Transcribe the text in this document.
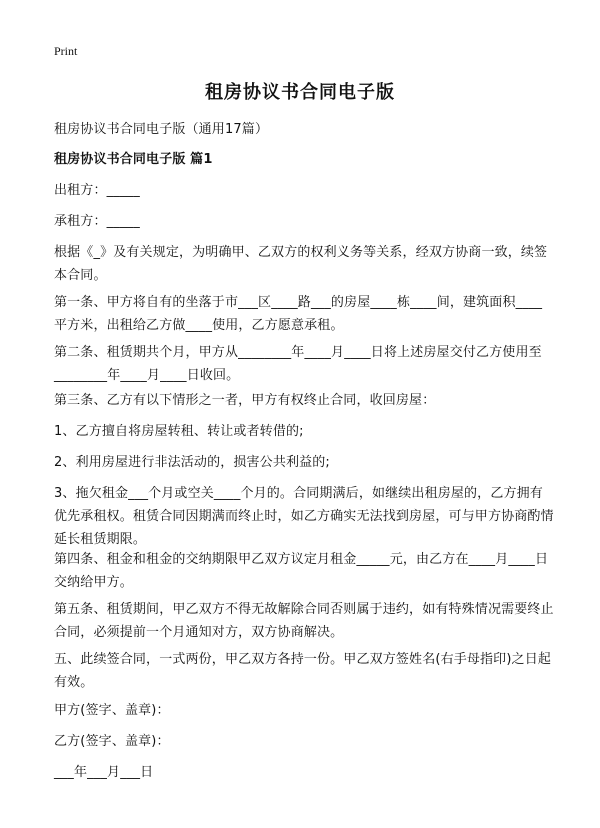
Print
租房协议书合同电子版

租房协议书合同电子版（通用17篇）

租房协议书合同电子版 篇1

出租方：_____

承租方：_____

根据《_》及有关规定，为明确甲、乙双方的权利义务等关系，经双方协商一致，续签本合同。

第一条、甲方将自有的坐落于市___区____路___的房屋____栋____间，建筑面积____平方米，出租给乙方做____使用，乙方愿意承租。

第二条、租赁期共个月，甲方从________年____月____日将上述房屋交付乙方使用至________年____月____日收回。

第三条、乙方有以下情形之一者，甲方有权终止合同，收回房屋：

1、乙方擅自将房屋转租、转让或者转借的;

2、利用房屋进行非法活动的，损害公共利益的;

3、拖欠租金___个月或空关____个月的。合同期满后，如继续出租房屋的，乙方拥有优先承租权。租赁合同因期满而终止时，如乙方确实无法找到房屋，可与甲方协商酌情延长租赁期限。

第四条、租金和租金的交纳期限甲乙双方议定月租金_____元，由乙方在____月____日交纳给甲方。

第五条、租赁期间，甲乙双方不得无故解除合同否则属于违约，如有特殊情况需要终止合同，必须提前一个月通知对方，双方协商解决。

五、此续签合同，一式两份，甲乙双方各持一份。甲乙双方签姓名(右手母指印)之日起有效。

甲方(签字、盖章)：

乙方(签字、盖章)：

___年___月___日
